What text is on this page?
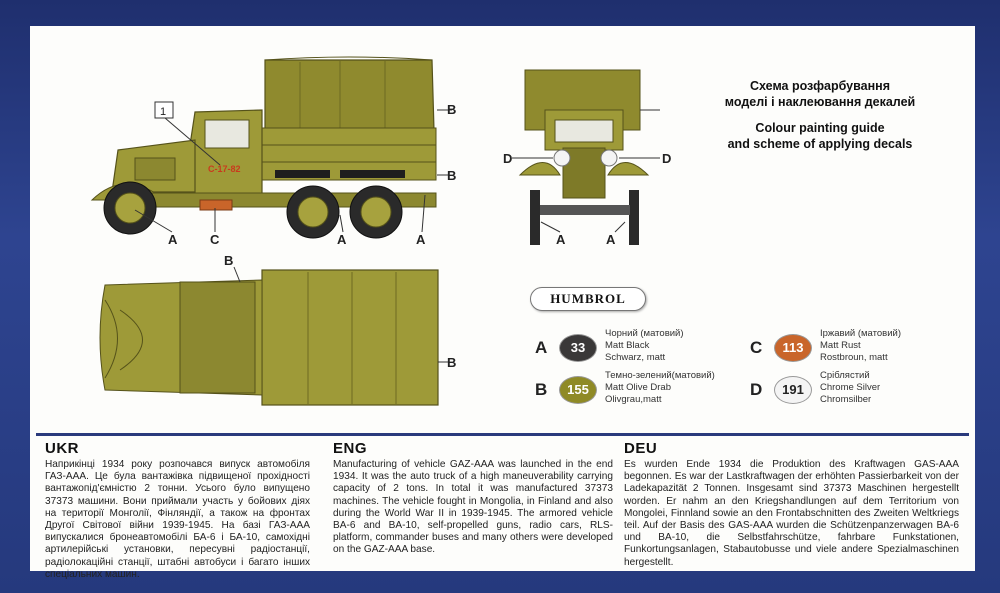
С-17-82
1	B
B
A	C	A	A
D	D
A	A
B
B

Схема розфарбування
моделі і наклеювання декалей

Colour painting guide
and scheme of applying decals

HUMBROL
A	33
Чорний (матовий)
Matt Black
Schwarz, matt
B	155
Темно-зелений(матовий)
Matt Olive Drab
Olivgrau,matt
C	113
Іржавий (матовий)
Matt Rust
Rostbroun, matt
D	191
Сріблястий
Chrome Silver
Chromsilber
UKR

Наприкінці 1934 року розпочався випуск автомобіля ГАЗ-ААА. Це була вантажівка підвищеної прохідності вантажопід'ємністю 2 тонни. Усього було випущено 37373 машини. Вони приймали участь у бойових діях на території Монголії, Фінляндії, а також на фронтах Другої Світової війни 1939-1945. На базі ГАЗ-ААА випускалися бронеавтомобілі БА-6 і БА-10, самохідні артилерійські установки, пересувні радіостанції, радіолокаційні станції, штабні автобуси і багато інших спеціальних машин.

ENG

Manufacturing of vehicle GAZ-AAA was launched in the end 1934. It was the auto truck of a high maneuverability carrying capacity of 2 tons. In total it was manufactured 37373 machines. The vehicle fought in Mongolia, in Finland and also during the World War II in 1939-1945. The armored vehicle BA-6 and BA-10, self-propelled guns, radio cars, RLS-platform, commander buses and many others were developed on the GAZ-AAA base.

DEU

Es wurden Ende 1934 die Produktion des Kraftwagen GAS-AAA begonnen. Es war der Lastkraftwagen der erhöhten Passierbarkeit von der Ladekapazität 2 Tonnen. Insgesamt sind 37373 Maschinen hergestellt worden. Er nahm an den Kriegshandlungen auf dem Territorium von Mongolei, Finnland sowie an den Frontabschnitten des Zweiten Weltkriegs teil. Auf der Basis des GAS-AAA wurden die Schützenpanzerwagen BA-6 und BA-10, die Selbstfahrschütze, fahrbare Funkstationen, Funkortungsanlagen, Stabautobusse und viele andere Spezialmaschinen hergestellt.
